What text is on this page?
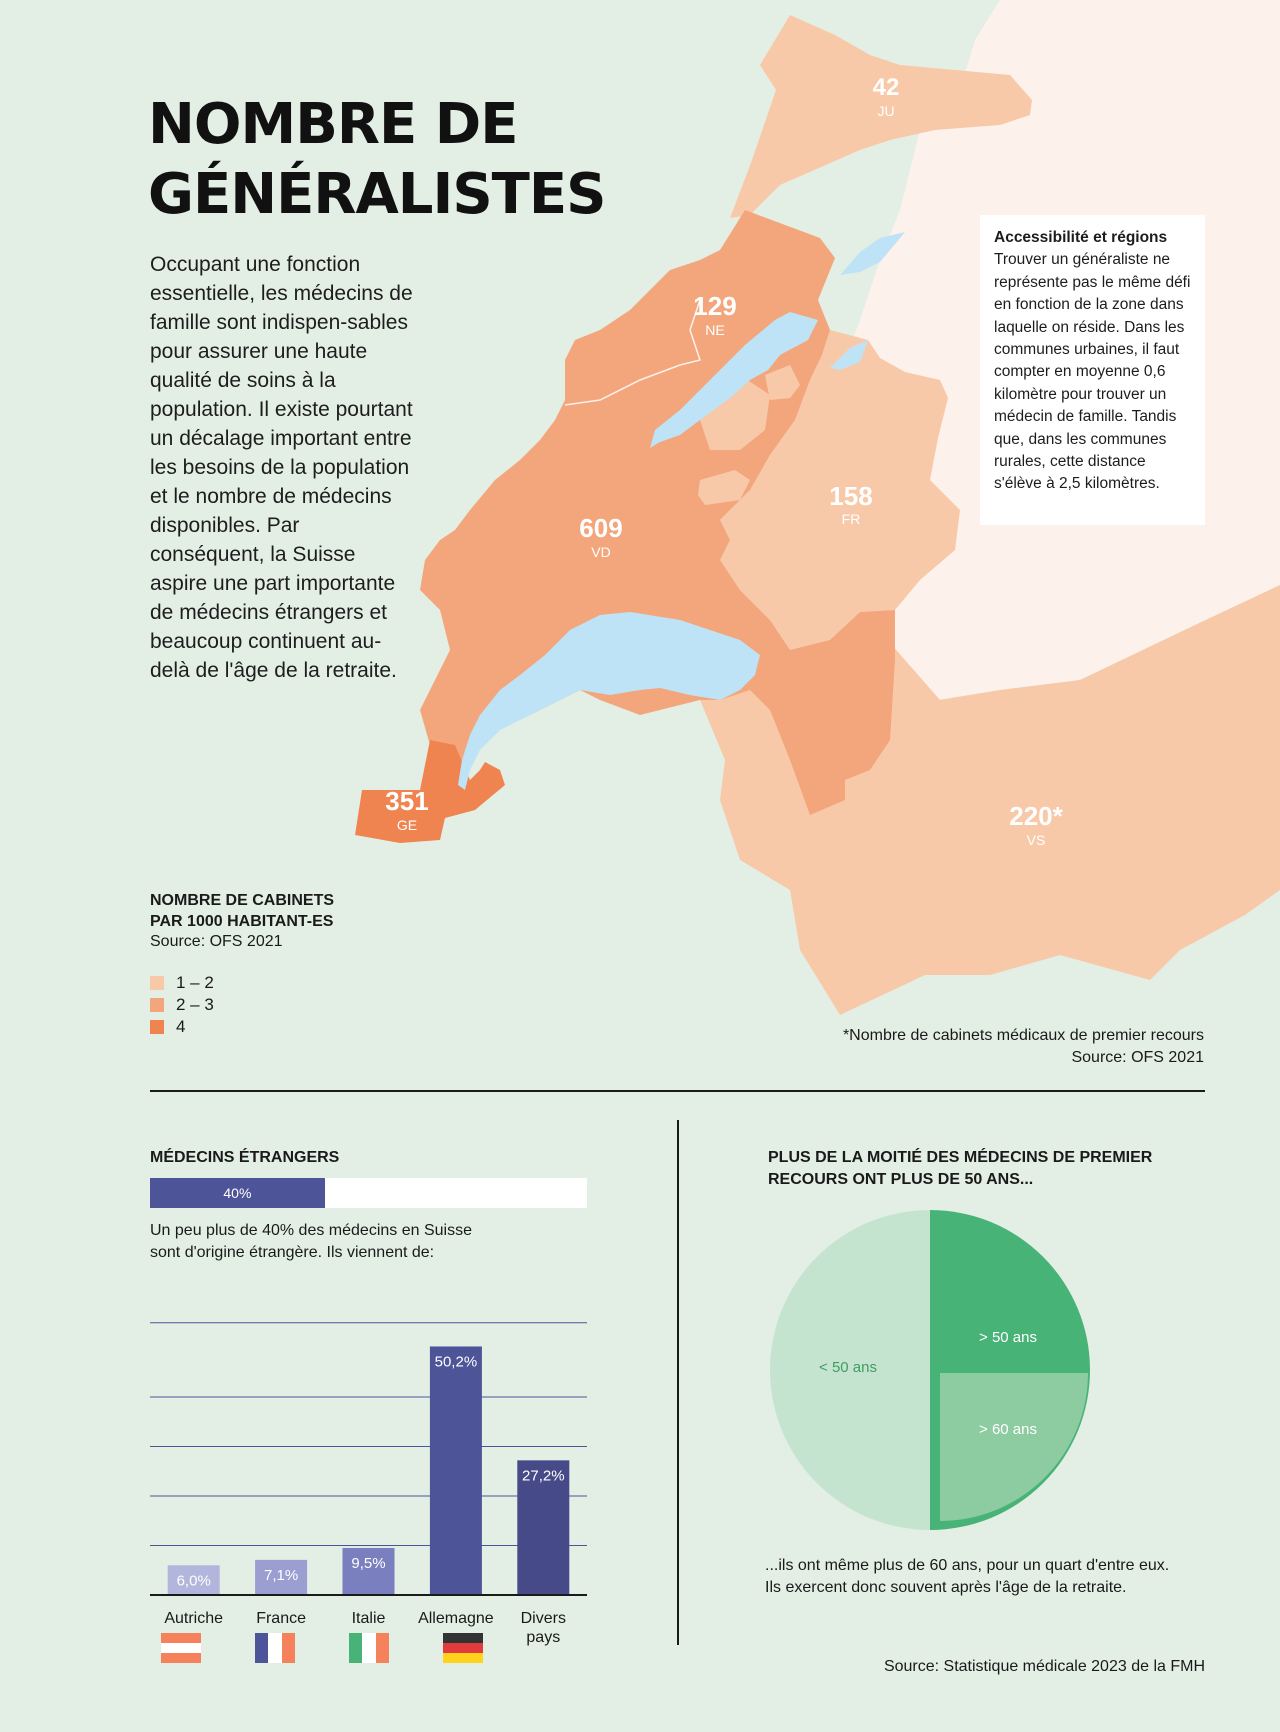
42
JU
129
NE
609
VD
158
FR
351
GE	220*
VS
NOMBRE DE
GÉNÉRALISTES

Occupant une fonction essentielle, les médecins de famille sont indispen-sables pour assurer une haute qualité de soins à la population. Il existe pourtant un décalage important entre les besoins de la population et le nombre de médecins disponibles. Par conséquent, la Suisse aspire une part importante de médecins étrangers et beaucoup continuent au-delà de l'âge de la retraite.

Accessibilité et régions
Trouver un généraliste ne représente pas le même défi en fonction de la zone dans laquelle on réside. Dans les communes urbaines, il faut compter en moyenne 0,6 kilomètre pour trouver un médecin de famille. Tandis que, dans les communes rurales, cette distance s'élève à 2,5 kilomètres.
NOMBRE DE CABINETS
PAR 1000 HABITANT-ES
Source: OFS 2021
1 – 2
2 – 3
4	*Nombre de cabinets médicaux de premier recours
Source: OFS 2021
MÉDECINS ÉTRANGERS
40%
Un peu plus de 40% des médecins en Suisse
sont d'origine étrangère. Ils viennent de:
6,0%	7,1%
9,5%
50,2%
27,2%
Autriche	France	Italie	Allemagne	Divers
pays
PLUS DE LA MOITIÉ DES MÉDECINS DE PREMIER
RECOURS ONT PLUS DE 50 ANS...
< 50 ans
> 50 ans
> 60 ans
...ils ont même plus de 60 ans, pour un quart d'entre eux.
Ils exercent donc souvent après l'âge de la retraite.
Source: Statistique médicale 2023 de la FMH
